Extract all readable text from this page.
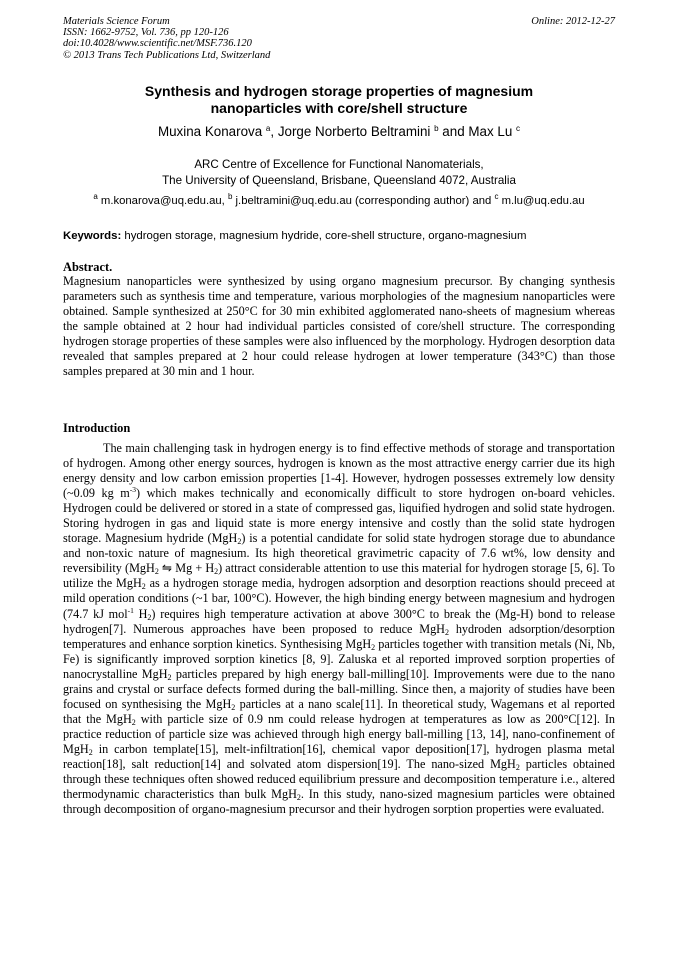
Materials Science Forum
ISSN: 1662-9752, Vol. 736, pp 120-126
doi:10.4028/www.scientific.net/MSF.736.120
© 2013 Trans Tech Publications Ltd, Switzerland
Online: 2012-12-27
Synthesis and hydrogen storage properties of magnesium
nanoparticles with core/shell structure
Muxina Konarova $^a$, Jorge Norberto Beltramini $^b$ and Max Lu $^c$
ARC Centre of Excellence for Functional Nanomaterials,
The University of Queensland, Brisbane, Queensland 4072, Australia
$^a$ m.konarova@uq.edu.au, $^b$ j.beltramini@uq.edu.au (corresponding author) and $^c$ m.lu@uq.edu.au
Keywords: hydrogen storage, magnesium hydride, core-shell structure, organo-magnesium
Abstract.
Magnesium nanoparticles were synthesized by using organo magnesium precursor. By changing synthesis parameters such as synthesis time and temperature, various morphologies of the magnesium nanoparticles were obtained. Sample synthesized at 250°C for 30 min exhibited agglomerated nano-sheets of magnesium whereas the sample obtained at 2 hour had individual particles consisted of core/shell structure. The corresponding hydrogen storage properties of these samples were also influenced by the morphology. Hydrogen desorption data revealed that samples prepared at 2 hour could release hydrogen at lower temperature (343°C) than those samples prepared at 30 min and 1 hour.
Introduction
The main challenging task in hydrogen energy is to find effective methods of storage and transportation of hydrogen. Among other energy sources, hydrogen is known as the most attractive energy carrier due its high energy density and low carbon emission properties [1-4]. However, hydrogen possesses extremely low density (~0.09 kg $m^{-3}$) which makes technically and economically difficult to store hydrogen on-board vehicles. Hydrogen could be delivered or stored in a state of compressed gas, liquified hydrogen and solid state hydrogen. Storing hydrogen in gas and liquid state is more energy intensive and costly than the solid state hydrogen storage. Magnesium hydride (MgH$_2$) is a potential candidate for solid state hydrogen storage due to abundance and non-toxic nature of magnesium. Its high theoretical gravimetric capacity of 7.6 wt%, low density and reversibility (MgH$_2$ ⇋ $Mg + H_2$) attract considerable attention to use this material for hydrogen storage [5, 6]. To utilize the MgH$_2$ as a hydrogen storage media, hydrogen adsorption and desorption reactions should preceed at mild operation conditions (~1 bar, 100°C). However, the high binding energy between magnesium and hydrogen (74.7 kJ mol$^{-1}$ $H_2$) requires high temperature activation at above 300°C to break the (Mg-H) bond to release hydrogen[7]. Numerous approaches have been proposed to reduce MgH$_2$ hydroden adsorption/desorption temperatures and enhance sorption kinetics. Synthesising MgH$_2$ particles together with transition metals (Ni, Nb, Fe) is significantly improved sorption kinetics [8, 9]. Zaluska et al reported improved sorption properties of nanocrystalline MgH$_2$ particles prepared by high energy ball-milling[10]. Improvements were due to the nano grains and crystal or surface defects formed during the ball-milling. Since then, a majority of studies have been focused on synthesising the MgH$_2$ particles at a nano scale[11]. In theoretical study, Wagemans et al reported that the MgH$_2$ with particle size of 0.9 nm could release hydrogen at temperatures as low as 200°C[12]. In practice reduction of particle size was achieved through high energy ball-milling [13, 14], nano-confinement of MgH$_2$ in carbon template[15], melt-infiltration[16], chemical vapor deposition[17], hydrogen plasma metal reaction[18], salt reduction[14] and solvated atom dispersion[19]. The nano-sized MgH$_2$ particles obtained through these techniques often showed reduced equilibrium pressure and decomposition temperature i.e., altered thermodynamic characteristics than bulk MgH$_2$. In this study, nano-sized magnesium particles were obtained through decomposition of organo-magnesium precursor and their hydrogen sorption properties were evaluated.
